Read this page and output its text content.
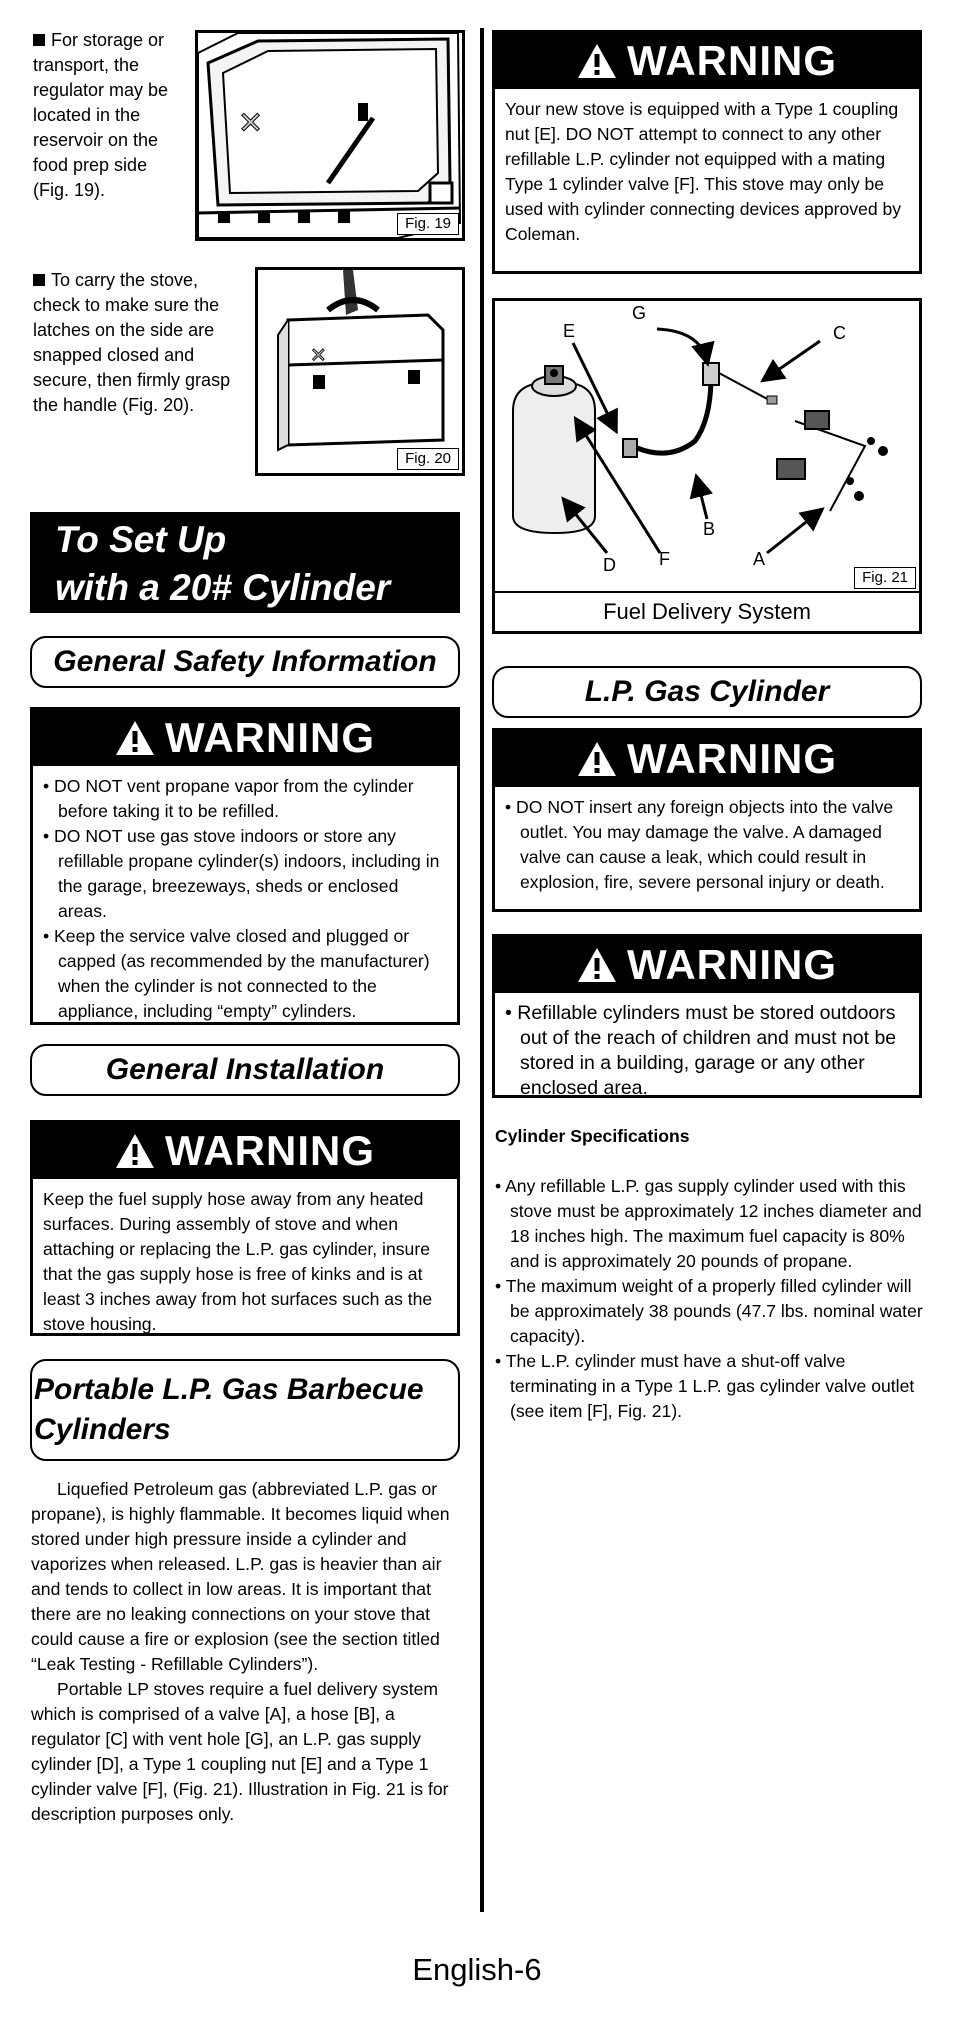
For storage or transport, the regulator may be located in the reservoir on the food prep side (Fig. 19).
✕
Fig. 19
To carry the stove, check to make sure the latches on the side are snapped closed and secure, then firmly grasp the handle (Fig. 20).
✕
Fig. 20
To Set Up
with a 20# Cylinder
General Safety Information
WARNING
• DO NOT vent propane vapor from the cylinder before taking it to be refilled.
• DO NOT use gas stove indoors or store any refillable propane cylinder(s) indoors, including in the garage, breezeways, sheds or enclosed areas.
• Keep the service valve closed and plugged or capped (as recommended by the manufacturer) when the cylinder is not connected to the appliance, including “empty” cylinders.
General Installation
WARNING
Keep the fuel supply hose away from any heated surfaces. During assembly of stove and when attaching or replacing the L.P. gas cylinder, insure that the gas supply hose is free of kinks and is at least 3 inches away from hot surfaces such as the stove housing.
Portable L.P. Gas Barbecue
Cylinders

Liquefied Petroleum gas (abbreviated L.P. gas or propane), is highly flammable. It becomes liquid when stored under high pressure inside a cylinder and vaporizes when released. L.P. gas is heavier than air and tends to collect in low areas. It is important that there are no leaking connections on your stove that could cause a fire or explosion (see the section titled “Leak Testing - Refillable Cylinders”).

Portable LP stoves require a fuel delivery system which is comprised of a valve [A], a hose [B], a regulator [C] with vent hole [G], an L.P. gas supply cylinder [D], a Type 1 coupling nut [E] and a Type 1 cylinder valve [F], (Fig. 21). Illustration in Fig. 21 is for description purposes only.

WARNING
Your new stove is equipped with a Type 1 coupling nut [E]. DO NOT attempt to connect to any other refillable L.P. cylinder not equipped with a mating Type 1 cylinder valve [F]. This stove may only be used with cylinder connecting devices approved by Coleman.
E
G
C
B
D F	A
Fig. 21
Fuel Delivery System
L.P. Gas Cylinder
WARNING
• DO NOT insert any foreign objects into the valve outlet. You may damage the valve. A damaged valve can cause a leak, which could result in explosion, fire, severe personal injury or death.
WARNING
• Refillable cylinders must be stored outdoors out of the reach of children and must not be stored in a building, garage or any other enclosed area.
Cylinder Specifications
• Any refillable L.P. gas supply cylinder used with this stove must be approximately 12 inches diameter and 18 inches high. The maximum fuel capacity is 80% and is approximately 20 pounds of propane.
• The maximum weight of a properly filled cylinder will be approximately 38 pounds (47.7 lbs. nominal water capacity).
• The L.P. cylinder must have a shut-off valve terminating in a Type 1 L.P. gas cylinder valve outlet (see item [F], Fig. 21).
English-6
